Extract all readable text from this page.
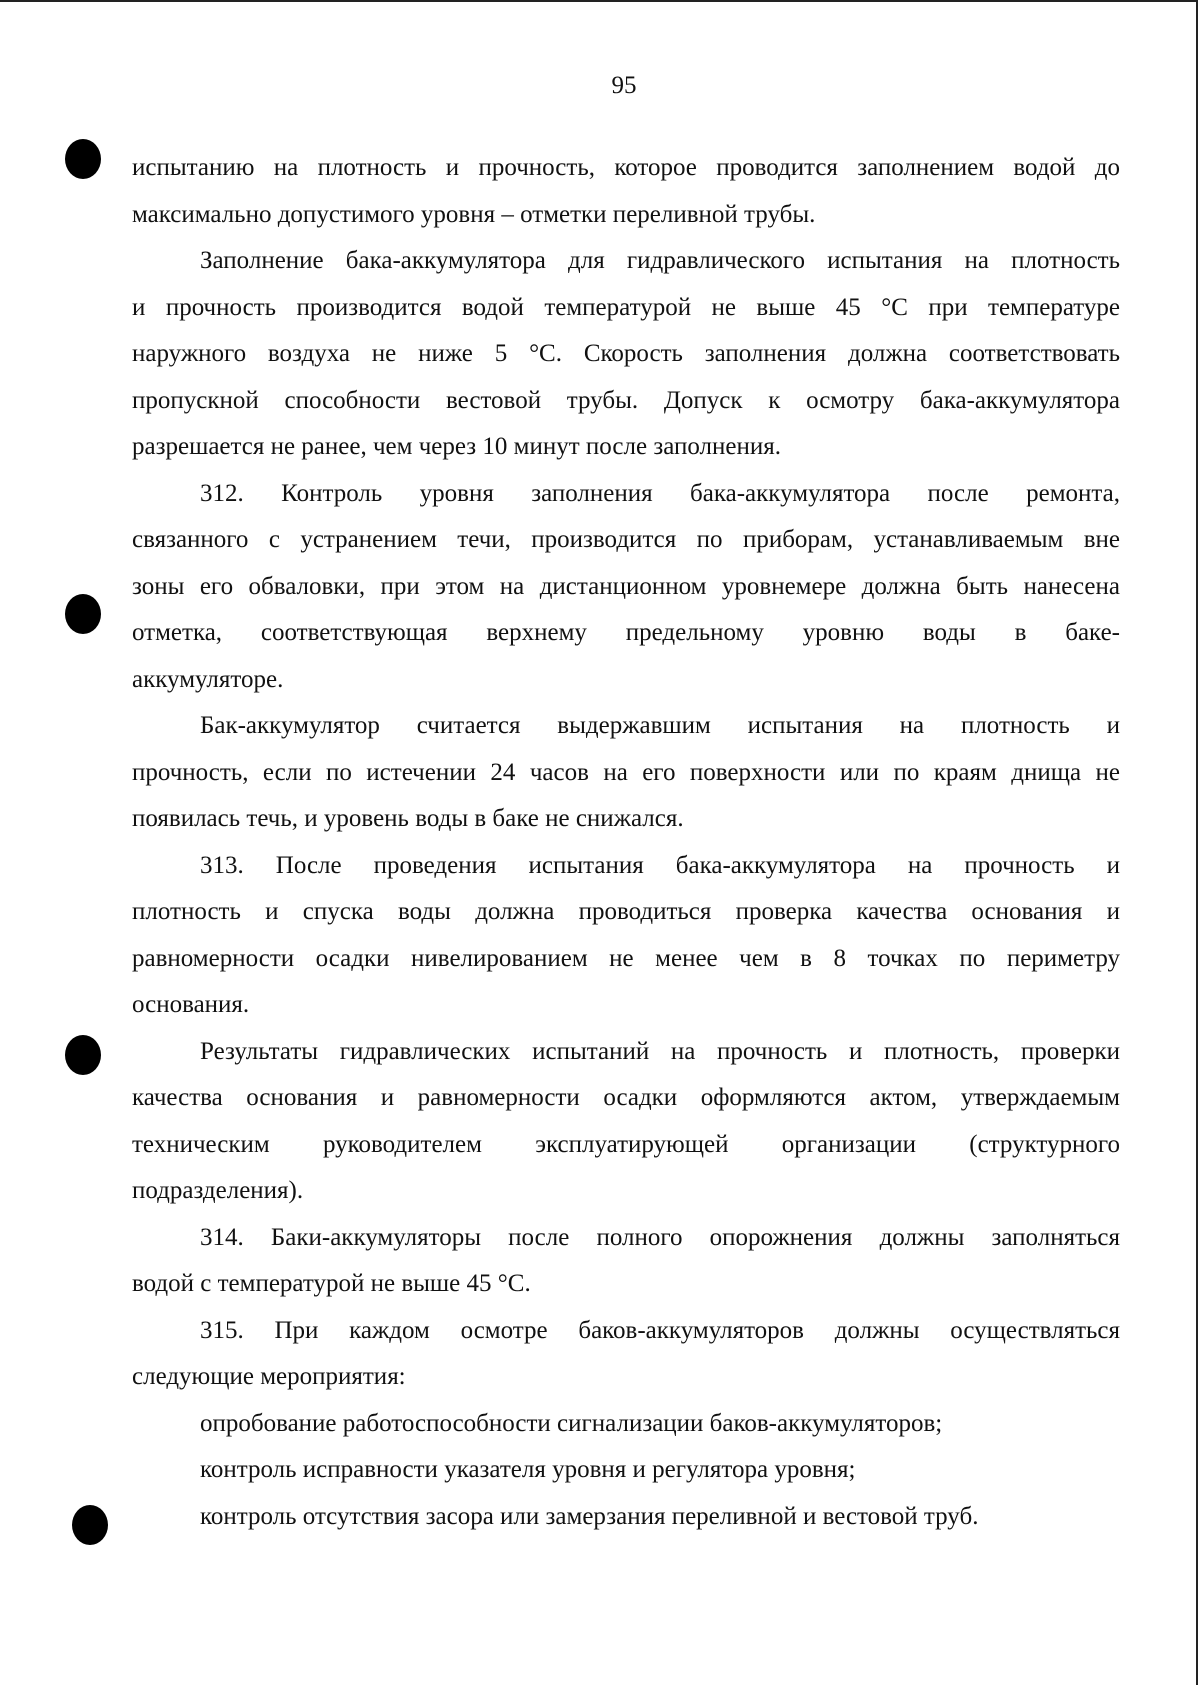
95
испытанию на плотность и прочность, которое проводится заполнением водой до
максимально допустимого уровня – отметки переливной трубы.
Заполнение бака-аккумулятора для гидравлического испытания на плотность
и прочность производится водой температурой не выше 45 °С при температуре
наружного воздуха не ниже 5 °С. Скорость заполнения должна соответствовать
пропускной способности вестовой трубы. Допуск к осмотру бака-аккумулятора
разрешается не ранее, чем через 10 минут после заполнения.
312. Контроль уровня заполнения бака-аккумулятора после ремонта,
связанного с устранением течи, производится по приборам, устанавливаемым вне
зоны его обваловки, при этом на дистанционном уровнемере должна быть нанесена
отметка, соответствующая верхнему предельному уровню воды в баке-
аккумуляторе.
Бак-аккумулятор считается выдержавшим испытания на плотность и
прочность, если по истечении 24 часов на его поверхности или по краям днища не
появилась течь, и уровень воды в баке не снижался.
313. После проведения испытания бака-аккумулятора на прочность и
плотность и спуска воды должна проводиться проверка качества основания и
равномерности осадки нивелированием не менее чем в 8 точках по периметру
основания.
Результаты гидравлических испытаний на прочность и плотность, проверки
качества основания и равномерности осадки оформляются актом, утверждаемым
техническим руководителем эксплуатирующей организации (структурного
подразделения).
314. Баки-аккумуляторы после полного опорожнения должны заполняться
водой с температурой не выше 45 °С.
315. При каждом осмотре баков-аккумуляторов должны осуществляться
следующие мероприятия:
опробование работоспособности сигнализации баков-аккумуляторов;
контроль исправности указателя уровня и регулятора уровня;
контроль отсутствия засора или замерзания переливной и вестовой труб.
